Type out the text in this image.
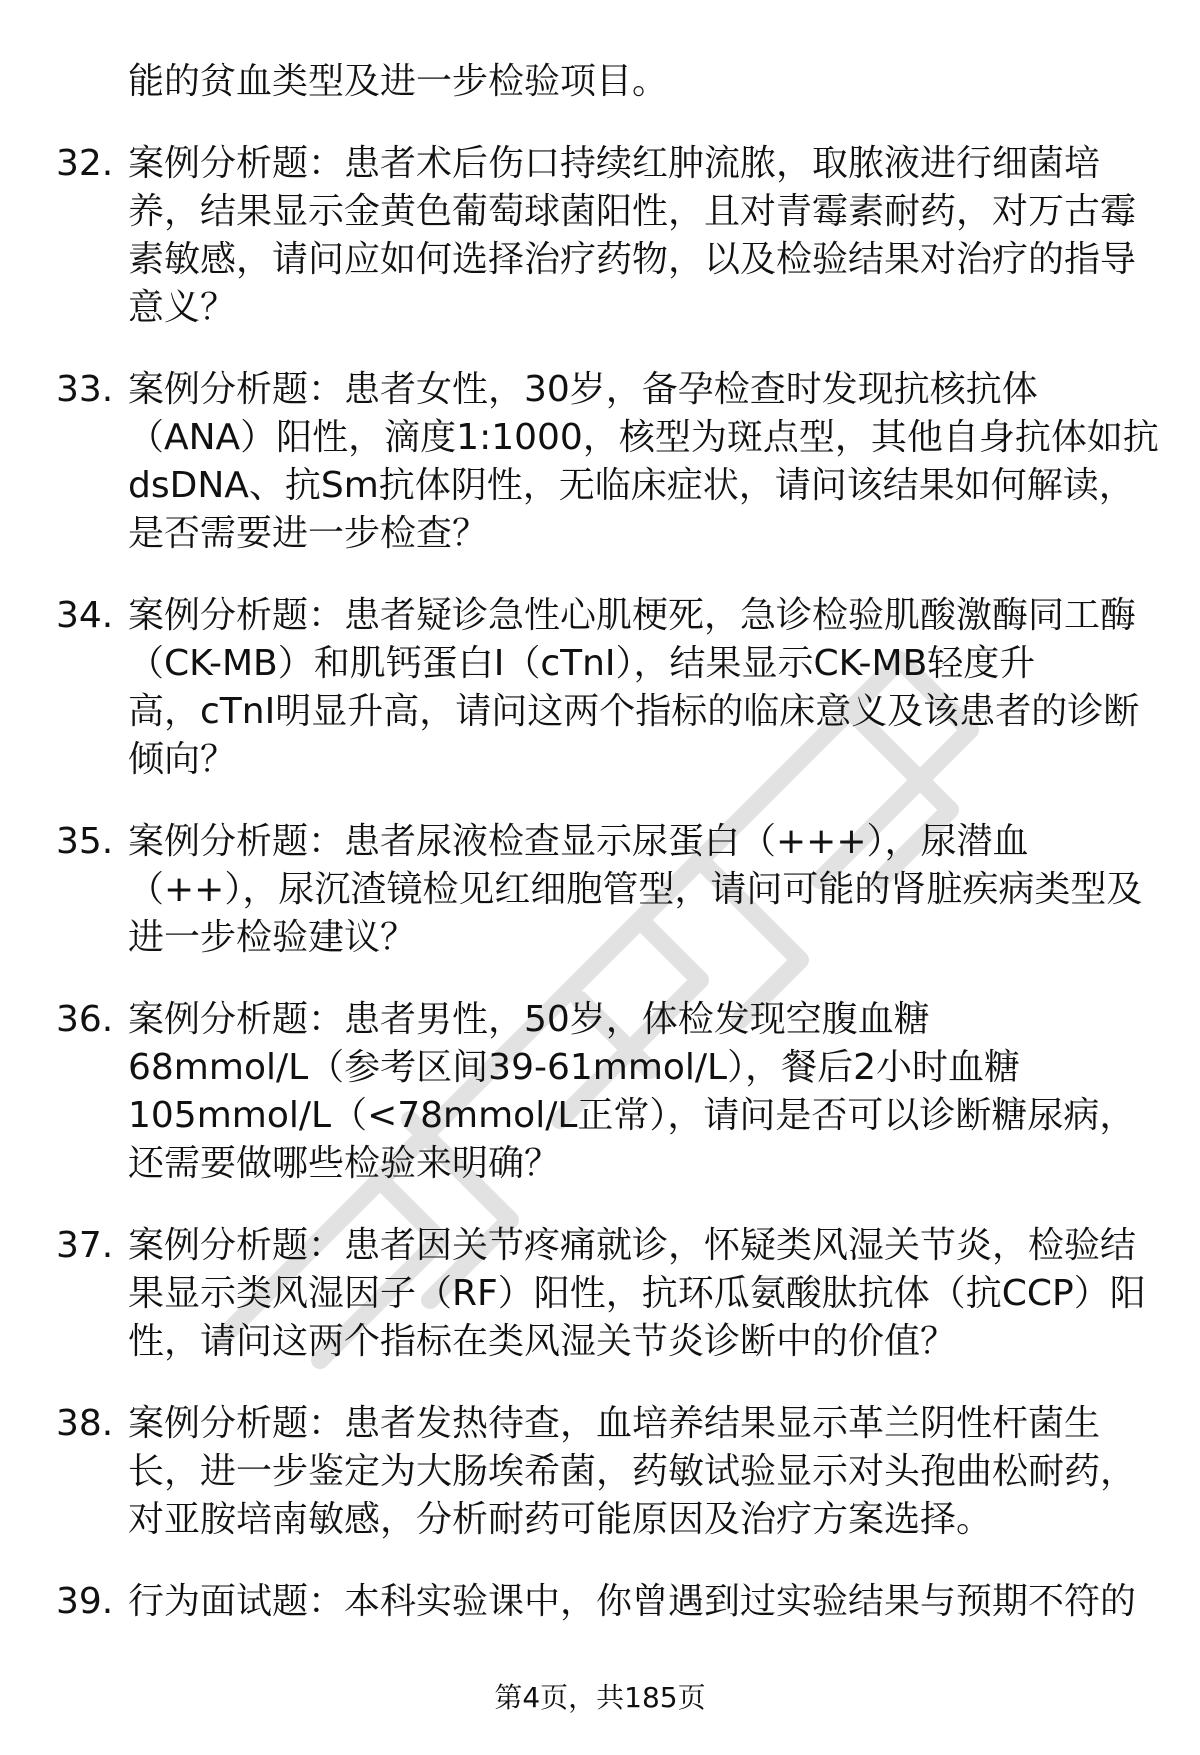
能的贫血类型及进一步检验项目。
32. 案例分析题：患者术后伤口持续红肿流脓，取脓液进行细菌培
养，结果显示金黄色葡萄球菌阳性，且对青霉素耐药，对万古霉
素敏感，请问应如何选择治疗药物，以及检验结果对治疗的指导
意义？
33. 案例分析题：患者女性，30岁，备孕检查时发现抗核抗体
（ANA）阳性，滴度1:1000，核型为斑点型，其他自身抗体如抗
dsDNA、抗Sm抗体阴性，无临床症状，请问该结果如何解读，
是否需要进一步检查？
34. 案例分析题：患者疑诊急性心肌梗死，急诊检验肌酸激酶同工酶
（CK-MB）和肌钙蛋白I（cTnI），结果显示CK-MB轻度升
高，cTnI明显升高，请问这两个指标的临床意义及该患者的诊断
倾向？
35. 案例分析题：患者尿液检查显示尿蛋白（+++），尿潜血
（++），尿沉渣镜检见红细胞管型，请问可能的肾脏疾病类型及
进一步检验建议？
36. 案例分析题：患者男性，50岁，体检发现空腹血糖
68mmol/L（参考区间39-61mmol/L），餐后2小时血糖
105mmol/L（<78mmol/L正常），请问是否可以诊断糖尿病，
还需要做哪些检验来明确？
37. 案例分析题：患者因关节疼痛就诊，怀疑类风湿关节炎，检验结
果显示类风湿因子（RF）阳性，抗环瓜氨酸肽抗体（抗CCP）阳
性，请问这两个指标在类风湿关节炎诊断中的价值？
38. 案例分析题：患者发热待查，血培养结果显示革兰阴性杆菌生
长，进一步鉴定为大肠埃希菌，药敏试验显示对头孢曲松耐药，
对亚胺培南敏感，分析耐药可能原因及治疗方案选择。
39. 行为面试题：本科实验课中，你曾遇到过实验结果与预期不符的
第4页，共185页
